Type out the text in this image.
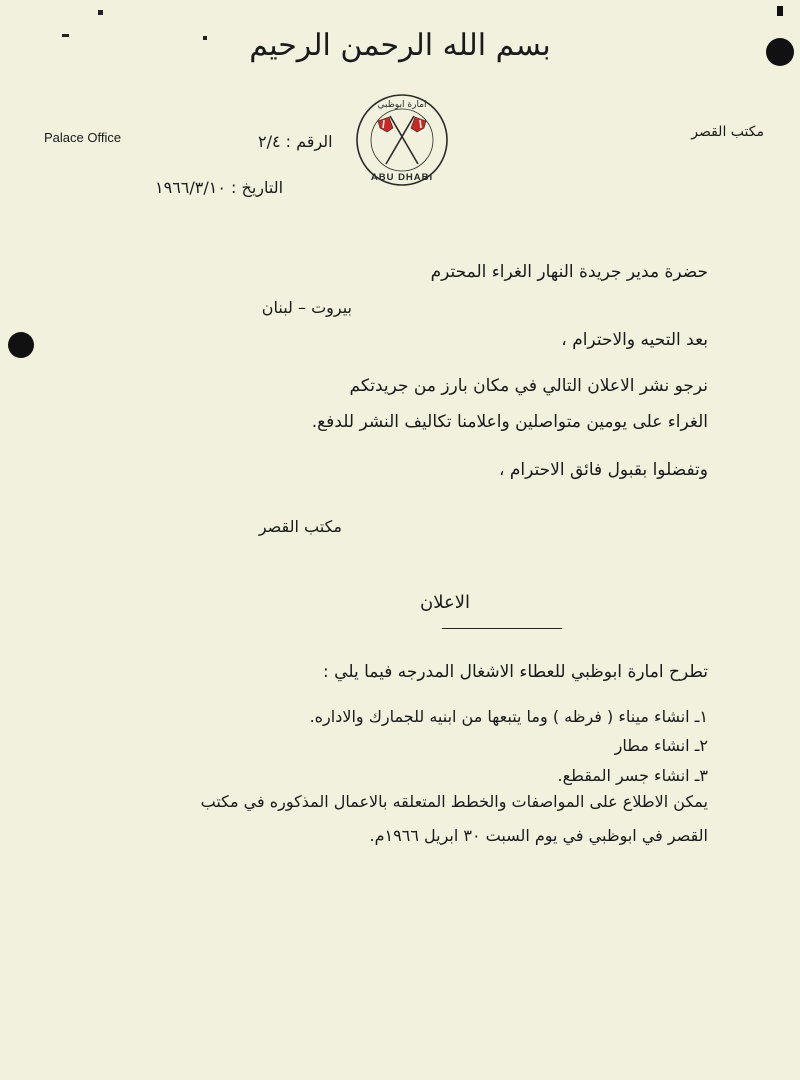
بسم الله الرحمن الرحيم
Palace Office	مكتب القصر
امارة ابوظبي
ABU DHABI
الرقم : ٢/٤
التاريخ : ١٩٦٦/٣/١٠
حضرة مدير جريدة النهار الغراء المحترم
بيروت – لبنان
بعد التحيه والاحترام ،
نرجو نشر الاعلان التالي في مكان بارز من جريدتكم
الغراء على يومين متواصلين واعلامنا تكاليف النشر للدفع.
وتفضلوا بقبول فائق الاحترام ،
مكتب القصر
الاعلان
تطرح امارة ابوظبي للعطاء الاشغال المدرجه فيما يلي :
١ـ انشاء ميناء ( فرظه ) وما يتبعها من ابنيه للجمارك والاداره.
٢ـ انشاء مطار
٣ـ انشاء جسر المقطع.
يمكن الاطلاع على المواصفات والخطط المتعلقه بالاعمال المذكوره في مكتب
القصر في ابوظبي في يوم السبت ٣٠ ابريل ١٩٦٦م.
